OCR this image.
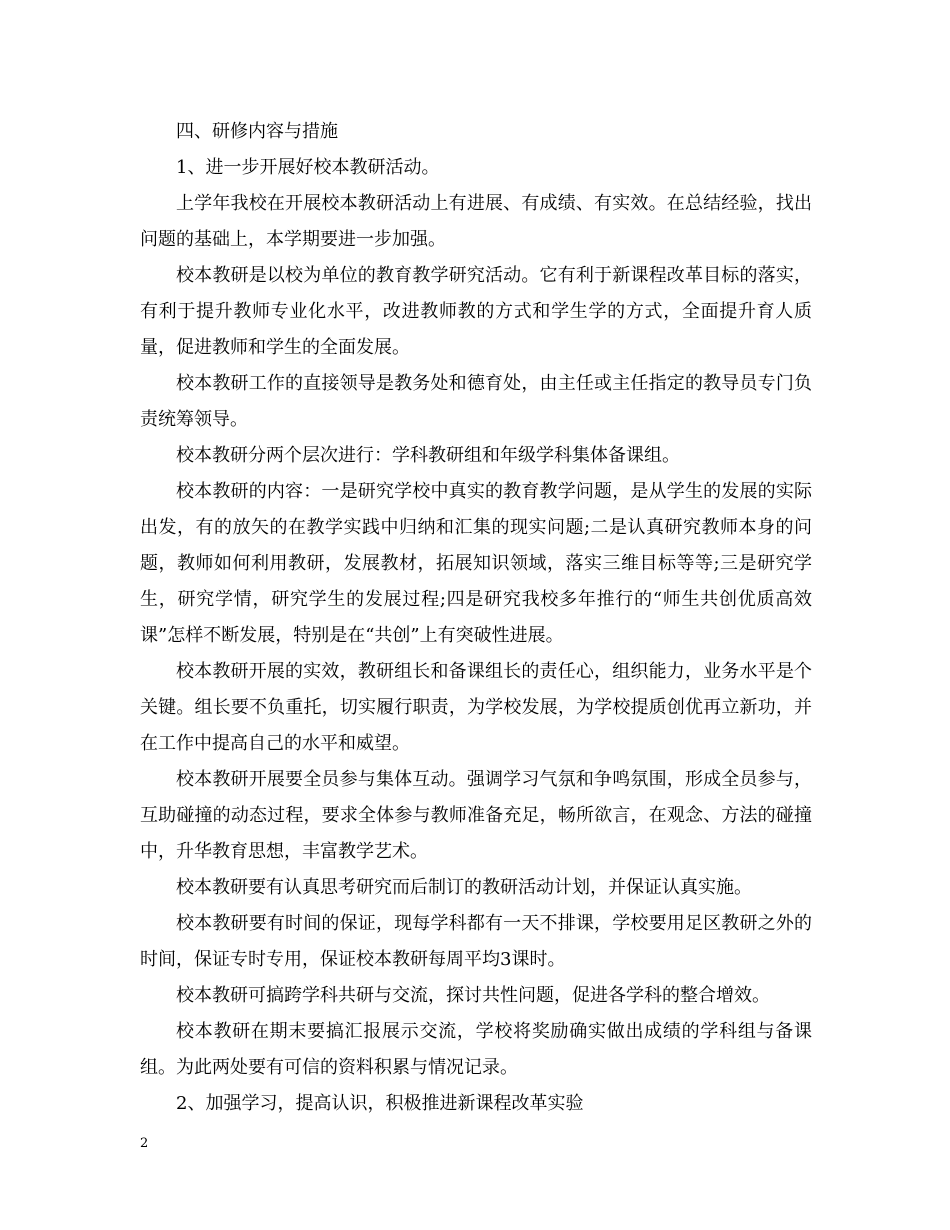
四、研修内容与措施

1、进一步开展好校本教研活动。

上学年我校在开展校本教研活动上有进展、有成绩、有实效。在总结经验，找出问题的基础上，本学期要进一步加强。

校本教研是以校为单位的教育教学研究活动。它有利于新课程改革目标的落实，有利于提升教师专业化水平，改进教师教的方式和学生学的方式，全面提升育人质量，促进教师和学生的全面发展。

校本教研工作的直接领导是教务处和德育处，由主任或主任指定的教导员专门负责统筹领导。

校本教研分两个层次进行：学科教研组和年级学科集体备课组。

校本教研的内容：一是研究学校中真实的教育教学问题，是从学生的发展的实际出发，有的放矢的在教学实践中归纳和汇集的现实问题;二是认真研究教师本身的问题，教师如何利用教研，发展教材，拓展知识领域，落实三维目标等等;三是研究学生，研究学情，研究学生的发展过程;四是研究我校多年推行的“师生共创优质高效课”怎样不断发展，特别是在“共创”上有突破性进展。

校本教研开展的实效，教研组长和备课组长的责任心，组织能力，业务水平是个关键。组长要不负重托，切实履行职责，为学校发展，为学校提质创优再立新功，并在工作中提高自己的水平和威望。

校本教研开展要全员参与集体互动。强调学习气氛和争鸣氛围，形成全员参与，互助碰撞的动态过程，要求全体参与教师准备充足，畅所欲言，在观念、方法的碰撞中，升华教育思想，丰富教学艺术。

校本教研要有认真思考研究而后制订的教研活动计划，并保证认真实施。

校本教研要有时间的保证，现每学科都有一天不排课，学校要用足区教研之外的时间，保证专时专用，保证校本教研每周平均3课时。

校本教研可搞跨学科共研与交流，探讨共性问题，促进各学科的整合增效。

校本教研在期末要搞汇报展示交流，学校将奖励确实做出成绩的学科组与备课组。为此两处要有可信的资料积累与情况记录。

2、加强学习，提高认识，积极推进新课程改革实验

2
